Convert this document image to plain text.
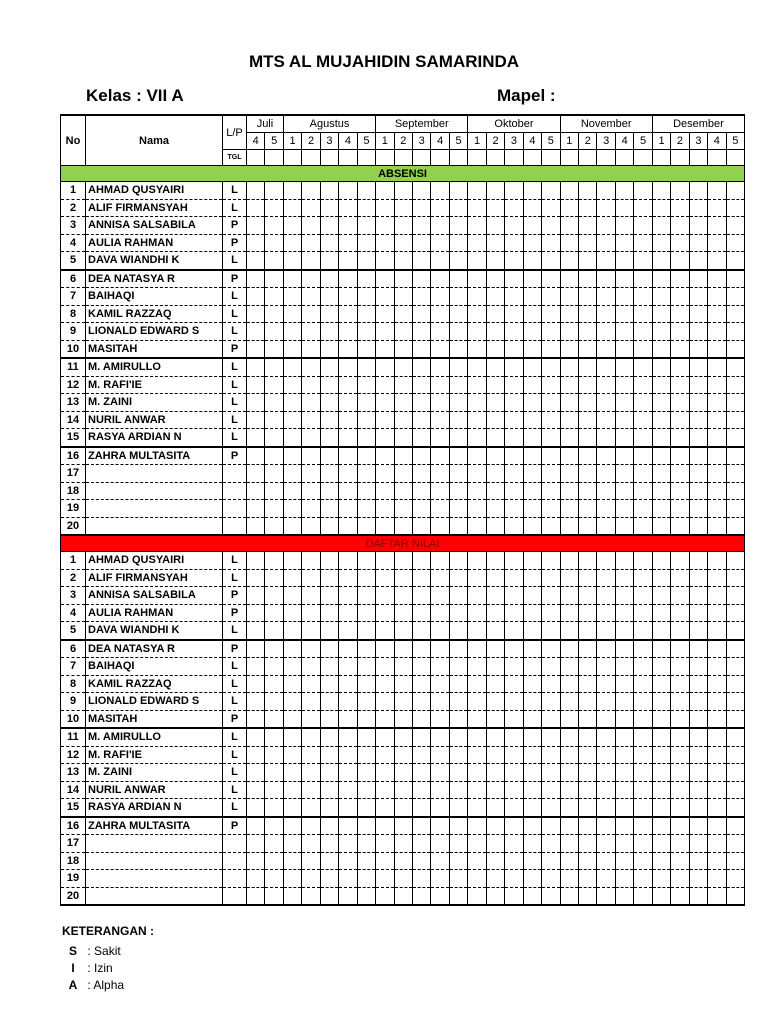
MTS AL MUJAHIDIN SAMARINDA
Kelas : VII A	Mapel :
No	Nama	L/P	Juli		Agustus					September					Oktober					November					Desember				
			4	5	1	2	3	4	5	1	2	3	4	5	1	2	3	4	5	1	2	3	4	5	1	2	3	4	5
		TGL																											
ABSENSI																													
1	AHMAD QUSYAIRI	L																											
2	ALIF FIRMANSYAH	L																											
3	ANNISA SALSABILA	P																											
4	AULIA RAHMAN	P																											
5	DAVA WIANDHI K	L																											
6	DEA NATASYA R	P																											
7	BAIHAQI	L																											
8	KAMIL RAZZAQ	L																											
9	LIONALD EDWARD S	L																											
10	MASITAH	P																											
11	M. AMIRULLO	L																											
12	M. RAFI'IE	L																											
13	M. ZAINI	L																											
14	NURIL ANWAR	L																											
15	RASYA ARDIAN N	L																											
16	ZAHRA MULTASITA	P																											
17																													
18																													
19																													
20																													
DAFTAR NILAI																													
1	AHMAD QUSYAIRI	L																											
2	ALIF FIRMANSYAH	L																											
3	ANNISA SALSABILA	P																											
4	AULIA RAHMAN	P																											
5	DAVA WIANDHI K	L																											
6	DEA NATASYA R	P																											
7	BAIHAQI	L																											
8	KAMIL RAZZAQ	L																											
9	LIONALD EDWARD S	L																											
10	MASITAH	P																											
11	M. AMIRULLO	L																											
12	M. RAFI'IE	L																											
13	M. ZAINI	L																											
14	NURIL ANWAR	L																											
15	RASYA ARDIAN N	L																											
16	ZAHRA MULTASITA	P																											
17																													
18																													
19																													
20																													
KETERANGAN :
S : Sakit
I : Izin
A : Alpha
